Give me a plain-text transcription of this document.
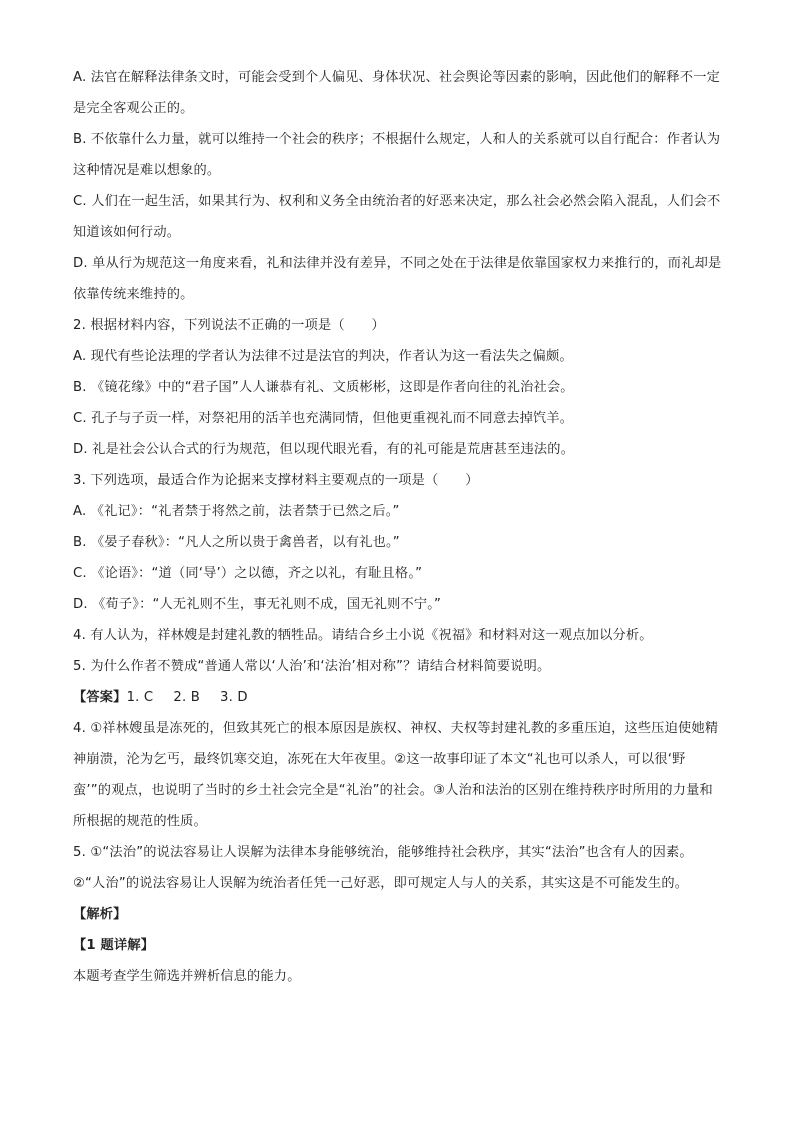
A. 法官在解释法律条文时，可能会受到个人偏见、身体状况、社会舆论等因素的影响，因此他们的解释不一定是完全客观公正的。

B. 不依靠什么力量，就可以维持一个社会的秩序；不根据什么规定，人和人的关系就可以自行配合：作者认为这种情况是难以想象的。

C. 人们在一起生活，如果其行为、权利和义务全由统治者的好恶来决定，那么社会必然会陷入混乱，人们会不知道该如何行动。

D. 单从行为规范这一角度来看，礼和法律并没有差异，不同之处在于法律是依靠国家权力来推行的，而礼却是依靠传统来维持的。

2. 根据材料内容，下列说法不正确的一项是（　　）

A. 现代有些论法理的学者认为法律不过是法官的判决，作者认为这一看法失之偏颇。

B. 《镜花缘》中的“君子国”人人谦恭有礼、文质彬彬，这即是作者向往的礼治社会。

C. 孔子与子贡一样，对祭祀用的活羊也充满同情，但他更重视礼而不同意去掉饩羊。

D. 礼是社会公认合式的行为规范，但以现代眼光看，有的礼可能是荒唐甚至违法的。

3. 下列选项，最适合作为论据来支撑材料主要观点的一项是（　　）

A. 《礼记》：“礼者禁于将然之前，法者禁于已然之后。”

B. 《晏子春秋》：“凡人之所以贵于禽兽者，以有礼也。”

C. 《论语》：“道（同‘导’）之以德，齐之以礼，有耻且格。”

D. 《荀子》：“人无礼则不生，事无礼则不成，国无礼则不宁。”

4. 有人认为，祥林嫂是封建礼教的牺牲品。请结合乡土小说《祝福》和材料对这一观点加以分析。

5. 为什么作者不赞成“普通人常以‘人治’和‘法治’相对称”？请结合材料简要说明。

【答案】1. C 2. B 3. D

4. ①祥林嫂虽是冻死的，但致其死亡的根本原因是族权、神权、夫权等封建礼教的多重压迫，这些压迫使她精神崩溃，沦为乞丐，最终饥寒交迫，冻死在大年夜里。②这一故事印证了本文“礼也可以杀人，可以很‘野蛮’”的观点，也说明了当时的乡土社会完全是“礼治”的社会。③人治和法治的区别在维持秩序时所用的力量和所根据的规范的性质。

5. ①“法治”的说法容易让人误解为法律本身能够统治，能够维持社会秩序，其实“法治”也含有人的因素。②“人治”的说法容易让人误解为统治者任凭一己好恶，即可规定人与人的关系，其实这是不可能发生的。

【解析】

【1 题详解】

本题考查学生筛选并辨析信息的能力。
